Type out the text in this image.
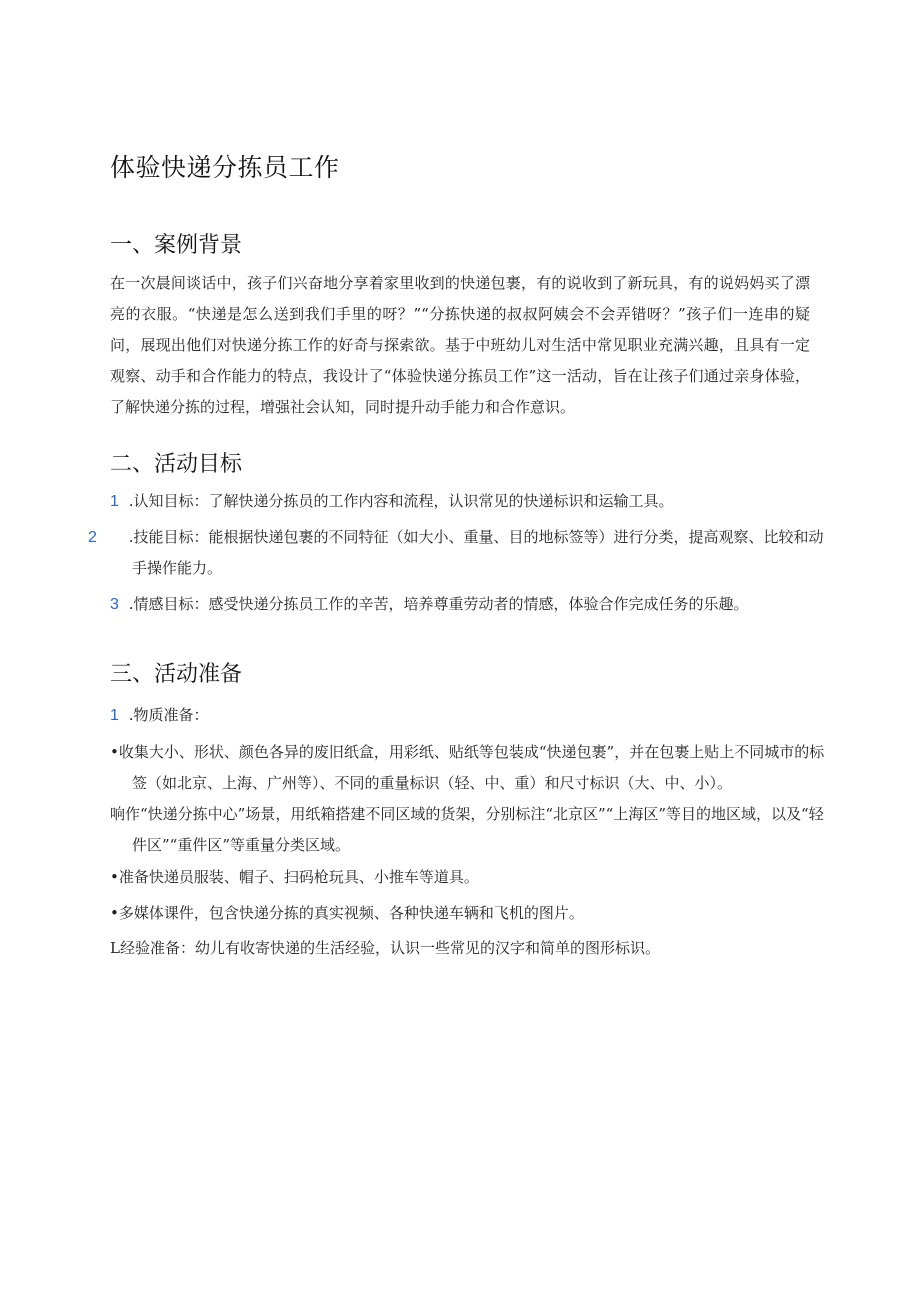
体验快递分拣员工作
一、案例背景
在一次晨间谈话中，孩子们兴奋地分享着家里收到的快递包裹，有的说收到了新玩具，有的说妈妈买了漂亮的衣服。“快递是怎么送到我们手里的呀？”“分拣快递的叔叔阿姨会不会弄错呀？”孩子们一连串的疑问，展现出他们对快递分拣工作的好奇与探索欲。基于中班幼儿对生活中常见职业充满兴趣，且具有一定观察、动手和合作能力的特点，我设计了“体验快递分拣员工作”这一活动，旨在让孩子们通过亲身体验，了解快递分拣的过程，增强社会认知，同时提升动手能力和合作意识。
二、活动目标
1 .认知目标：了解快递分拣员的工作内容和流程，认识常见的快递标识和运输工具。
2 .技能目标：能根据快递包裹的不同特征（如大小、重量、目的地标签等）进行分类，提高观察、比较和动手操作能力。
3 .情感目标：感受快递分拣员工作的辛苦，培养尊重劳动者的情感，体验合作完成任务的乐趣。
三、活动准备
1 .物质准备：
•收集大小、形状、颜色各异的废旧纸盒，用彩纸、贴纸等包装成“快递包裹”，并在包裹上贴上不同城市的标签（如北京、上海、广州等）、不同的重量标识（轻、中、重）和尺寸标识（大、中、小）。
响作“快递分拣中心”场景，用纸箱搭建不同区域的货架，分别标注“北京区”“上海区”等目的地区域，以及“轻件区”“重件区”等重量分类区域。
•准备快递员服装、帽子、扫码枪玩具、小推车等道具。
•多媒体课件，包含快递分拣的真实视频、各种快递车辆和飞机的图片。
L经验准备：幼儿有收寄快递的生活经验，认识一些常见的汉字和简单的图形标识。
